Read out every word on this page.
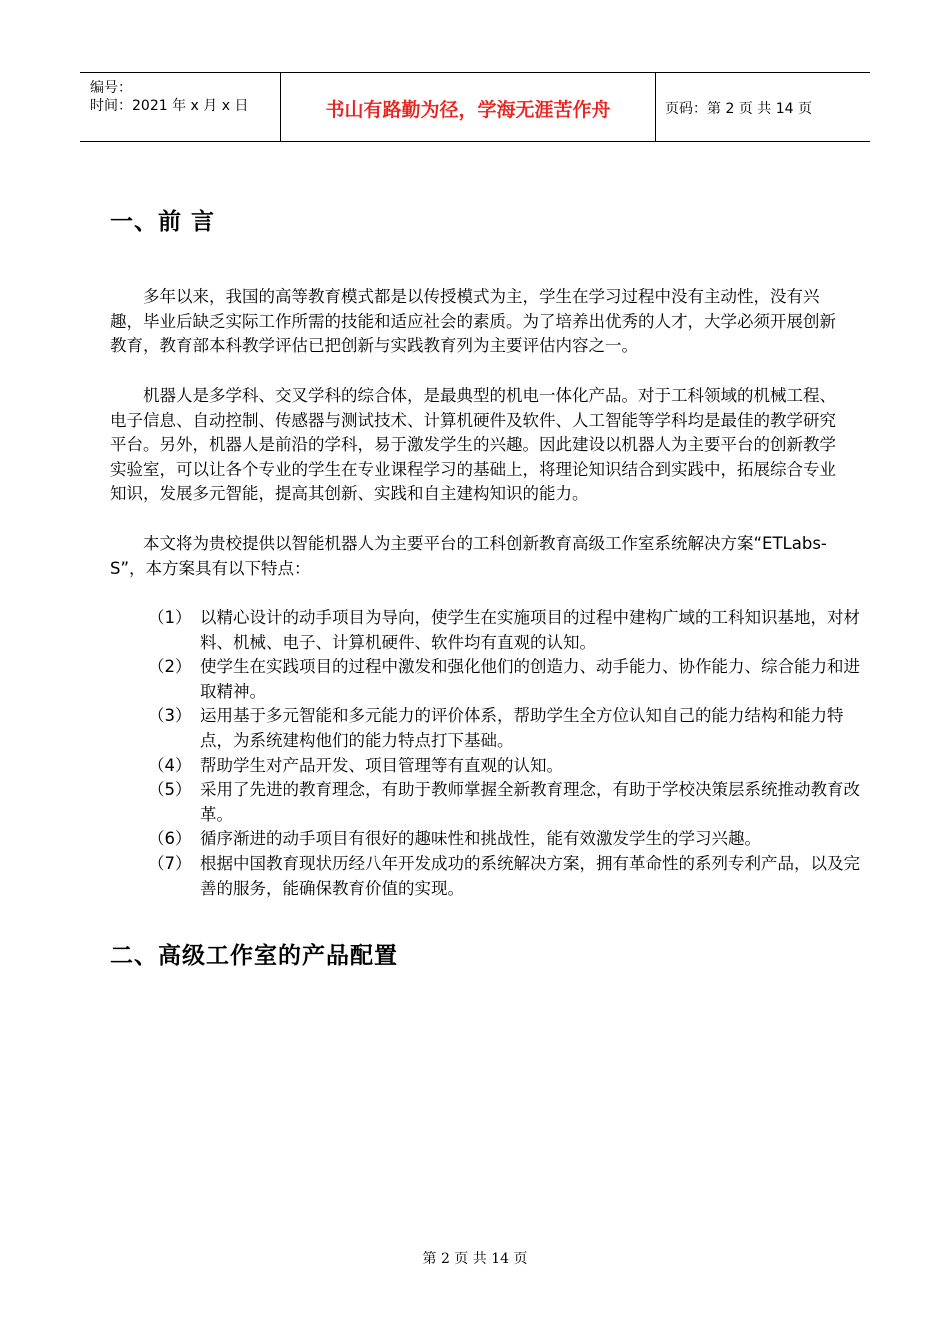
编号：
时间：2021 年 x 月 x 日	书山有路勤为径，学海无涯苦作舟	页码：第 2 页 共 14 页
一、前 言

多年以来，我国的高等教育模式都是以传授模式为主，学生在学习过程中没有主动性，没有兴趣，毕业后缺乏实际工作所需的技能和适应社会的素质。为了培养出优秀的人才，大学必须开展创新教育，教育部本科教学评估已把创新与实践教育列为主要评估内容之一。

机器人是多学科、交叉学科的综合体，是最典型的机电一体化产品。对于工科领域的机械工程、电子信息、自动控制、传感器与测试技术、计算机硬件及软件、人工智能等学科均是最佳的教学研究平台。另外，机器人是前沿的学科，易于激发学生的兴趣。因此建设以机器人为主要平台的创新教学实验室，可以让各个专业的学生在专业课程学习的基础上，将理论知识结合到实践中，拓展综合专业知识，发展多元智能，提高其创新、实践和自主建构知识的能力。

本文将为贵校提供以智能机器人为主要平台的工科创新教育高级工作室系统解决方案“ETLabs-S”，本方案具有以下特点：

（1） 以精心设计的动手项目为导向，使学生在实施项目的过程中建构广域的工科知识基地，对材料、机械、电子、计算机硬件、软件均有直观的认知。
（2） 使学生在实践项目的过程中激发和强化他们的创造力、动手能力、协作能力、综合能力和进取精神。
（3） 运用基于多元智能和多元能力的评价体系，帮助学生全方位认知自己的能力结构和能力特点，为系统建构他们的能力特点打下基础。
（4） 帮助学生对产品开发、项目管理等有直观的认知。
（5） 采用了先进的教育理念，有助于教师掌握全新教育理念，有助于学校决策层系统推动教育改革。
（6） 循序渐进的动手项目有很好的趣味性和挑战性，能有效激发学生的学习兴趣。
（7） 根据中国教育现状历经八年开发成功的系统解决方案，拥有革命性的系列专利产品，以及完善的服务，能确保教育价值的实现。
二、高级工作室的产品配置
第 2 页 共 14 页
